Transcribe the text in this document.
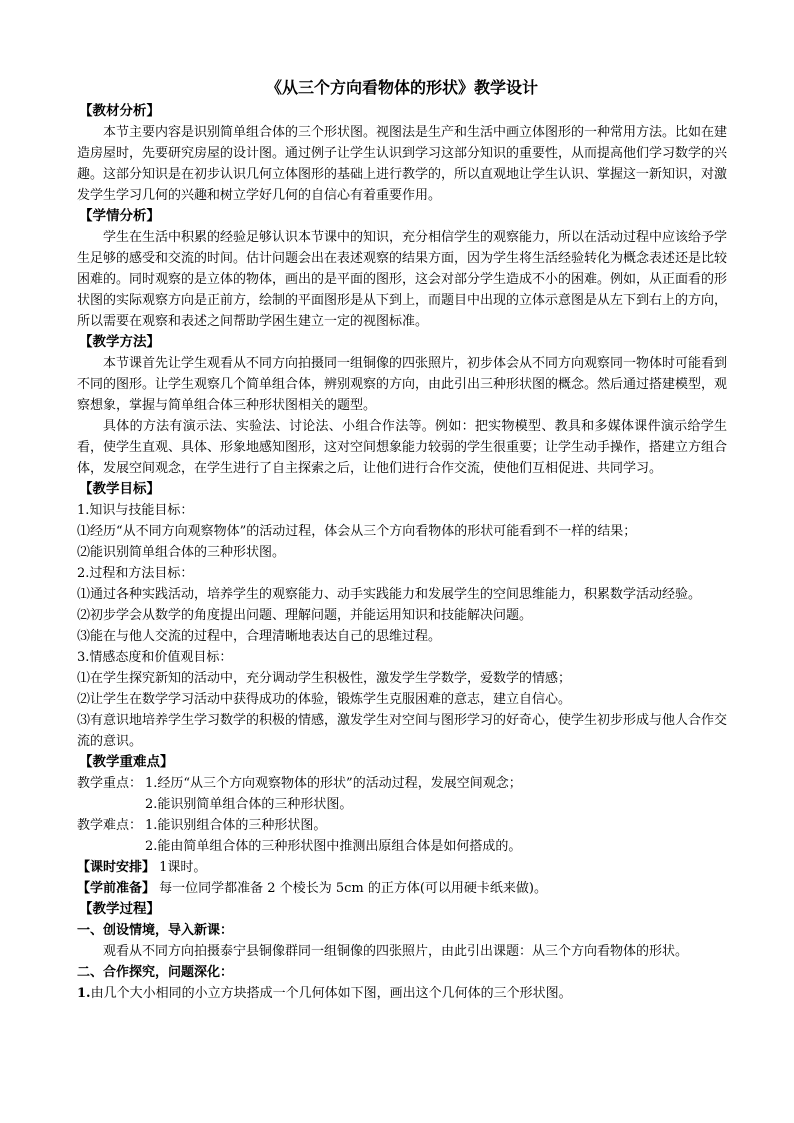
《从三个方向看物体的形状》教学设计
【教材分析】

本节主要内容是识别简单组合体的三个形状图。视图法是生产和生活中画立体图形的一种常用方法。比如在建造房屋时，先要研究房屋的设计图。通过例子让学生认识到学习这部分知识的重要性，从而提高他们学习数学的兴趣。这部分知识是在初步认识几何立体图形的基础上进行教学的，所以直观地让学生认识、掌握这一新知识，对激发学生学习几何的兴趣和树立学好几何的自信心有着重要作用。

【学情分析】

学生在生活中积累的经验足够认识本节课中的知识，充分相信学生的观察能力，所以在活动过程中应该给予学生足够的感受和交流的时间。估计问题会出在表述观察的结果方面，因为学生将生活经验转化为概念表述还是比较困难的。同时观察的是立体的物体，画出的是平面的图形，这会对部分学生造成不小的困难。例如，从正面看的形状图的实际观察方向是正前方，绘制的平面图形是从下到上，而题目中出现的立体示意图是从左下到右上的方向，所以需要在观察和表述之间帮助学困生建立一定的视图标准。

【教学方法】

本节课首先让学生观看从不同方向拍摄同一组铜像的四张照片，初步体会从不同方向观察同一物体时可能看到不同的图形。让学生观察几个简单组合体，辨别观察的方向，由此引出三种形状图的概念。然后通过搭建模型，观察想象，掌握与简单组合体三种形状图相关的题型。

具体的方法有演示法、实验法、讨论法、小组合作法等。例如：把实物模型、教具和多媒体课件演示给学生看，使学生直观、具体、形象地感知图形，这对空间想象能力较弱的学生很重要；让学生动手操作，搭建立方组合体，发展空间观念，在学生进行了自主探索之后，让他们进行合作交流，使他们互相促进、共同学习。

【教学目标】

1.知识与技能目标：

⑴经历“从不同方向观察物体”的活动过程，体会从三个方向看物体的形状可能看到不一样的结果；

⑵能识别简单组合体的三种形状图。

2.过程和方法目标：

⑴通过各种实践活动，培养学生的观察能力、动手实践能力和发展学生的空间思维能力，积累数学活动经验。

⑵初步学会从数学的角度提出问题、理解问题，并能运用知识和技能解决问题。

⑶能在与他人交流的过程中，合理清晰地表达自己的思维过程。

3.情感态度和价值观目标：

⑴在学生探究新知的活动中，充分调动学生积极性，激发学生学数学，爱数学的情感；

⑵让学生在数学学习活动中获得成功的体验，锻炼学生克服困难的意志，建立自信心。

⑶有意识地培养学生学习数学的积极的情感，激发学生对空间与图形学习的好奇心，使学生初步形成与他人合作交流的意识。

【教学重难点】
教学重点： 1.经历“从三个方向观察物体的形状”的活动过程，发展空间观念；
2.能识别简单组合体的三种形状图。
教学难点： 1.能识别组合体的三种形状图。
2.能由简单组合体的三种形状图中推测出原组合体是如何搭成的。
【课时安排】 1课时。
【学前准备】 每一位同学都准备 2 个棱长为 5cm 的正方体(可以用硬卡纸来做)。
【教学过程】

一、创设情境，导入新课：

观看从不同方向拍摄泰宁县铜像群同一组铜像的四张照片，由此引出课题：从三个方向看物体的形状。

二、合作探究，问题深化：

1.由几个大小相同的小立方块搭成一个几何体如下图，画出这个几何体的三个形状图。
